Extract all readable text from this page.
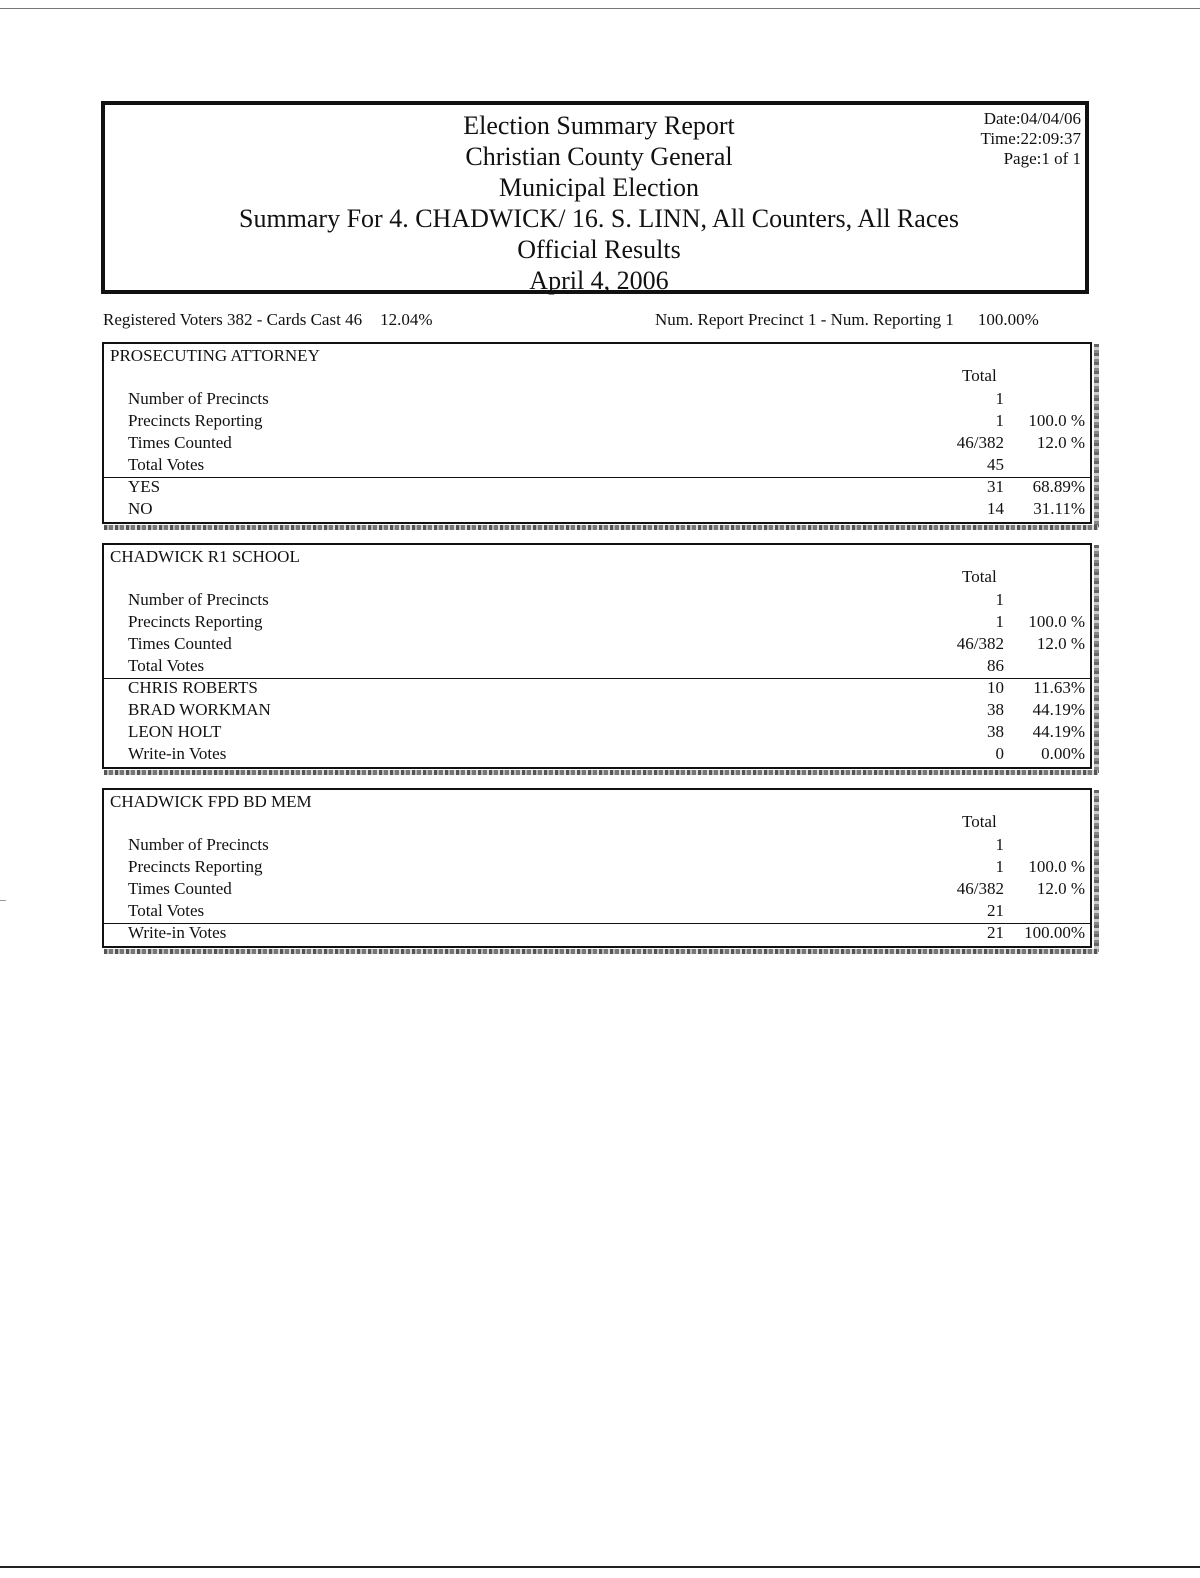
Election Summary Report
Christian County General
Municipal Election
Summary For 4. CHADWICK/ 16. S. LINN, All Counters, All Races
Official Results
April 4, 2006
Date:04/04/06
Time:22:09:37
Page:1 of 1
Registered Voters 382 - Cards Cast 46 12.04%	Num. Report Precinct 1 - Num. Reporting 1 100.00%
PROSECUTING ATTORNEY
Total
Number of Precincts	1
Precincts Reporting	1 100.0 %
Times Counted	46/382 12.0 %
Total Votes	45
YES	31 68.89%
NO	14 31.11%
CHADWICK R1 SCHOOL
Total
Number of Precincts	1
Precincts Reporting	1 100.0 %
Times Counted	46/382 12.0 %
Total Votes	86
CHRIS ROBERTS	10 11.63%
BRAD WORKMAN	38 44.19%
LEON HOLT	38 44.19%
Write-in Votes	0 0.00%
CHADWICK FPD BD MEM
Total
Number of Precincts	1
Precincts Reporting	1 100.0 %
Times Counted	46/382 12.0 %
Total Votes	21
Write-in Votes	21 100.00%
